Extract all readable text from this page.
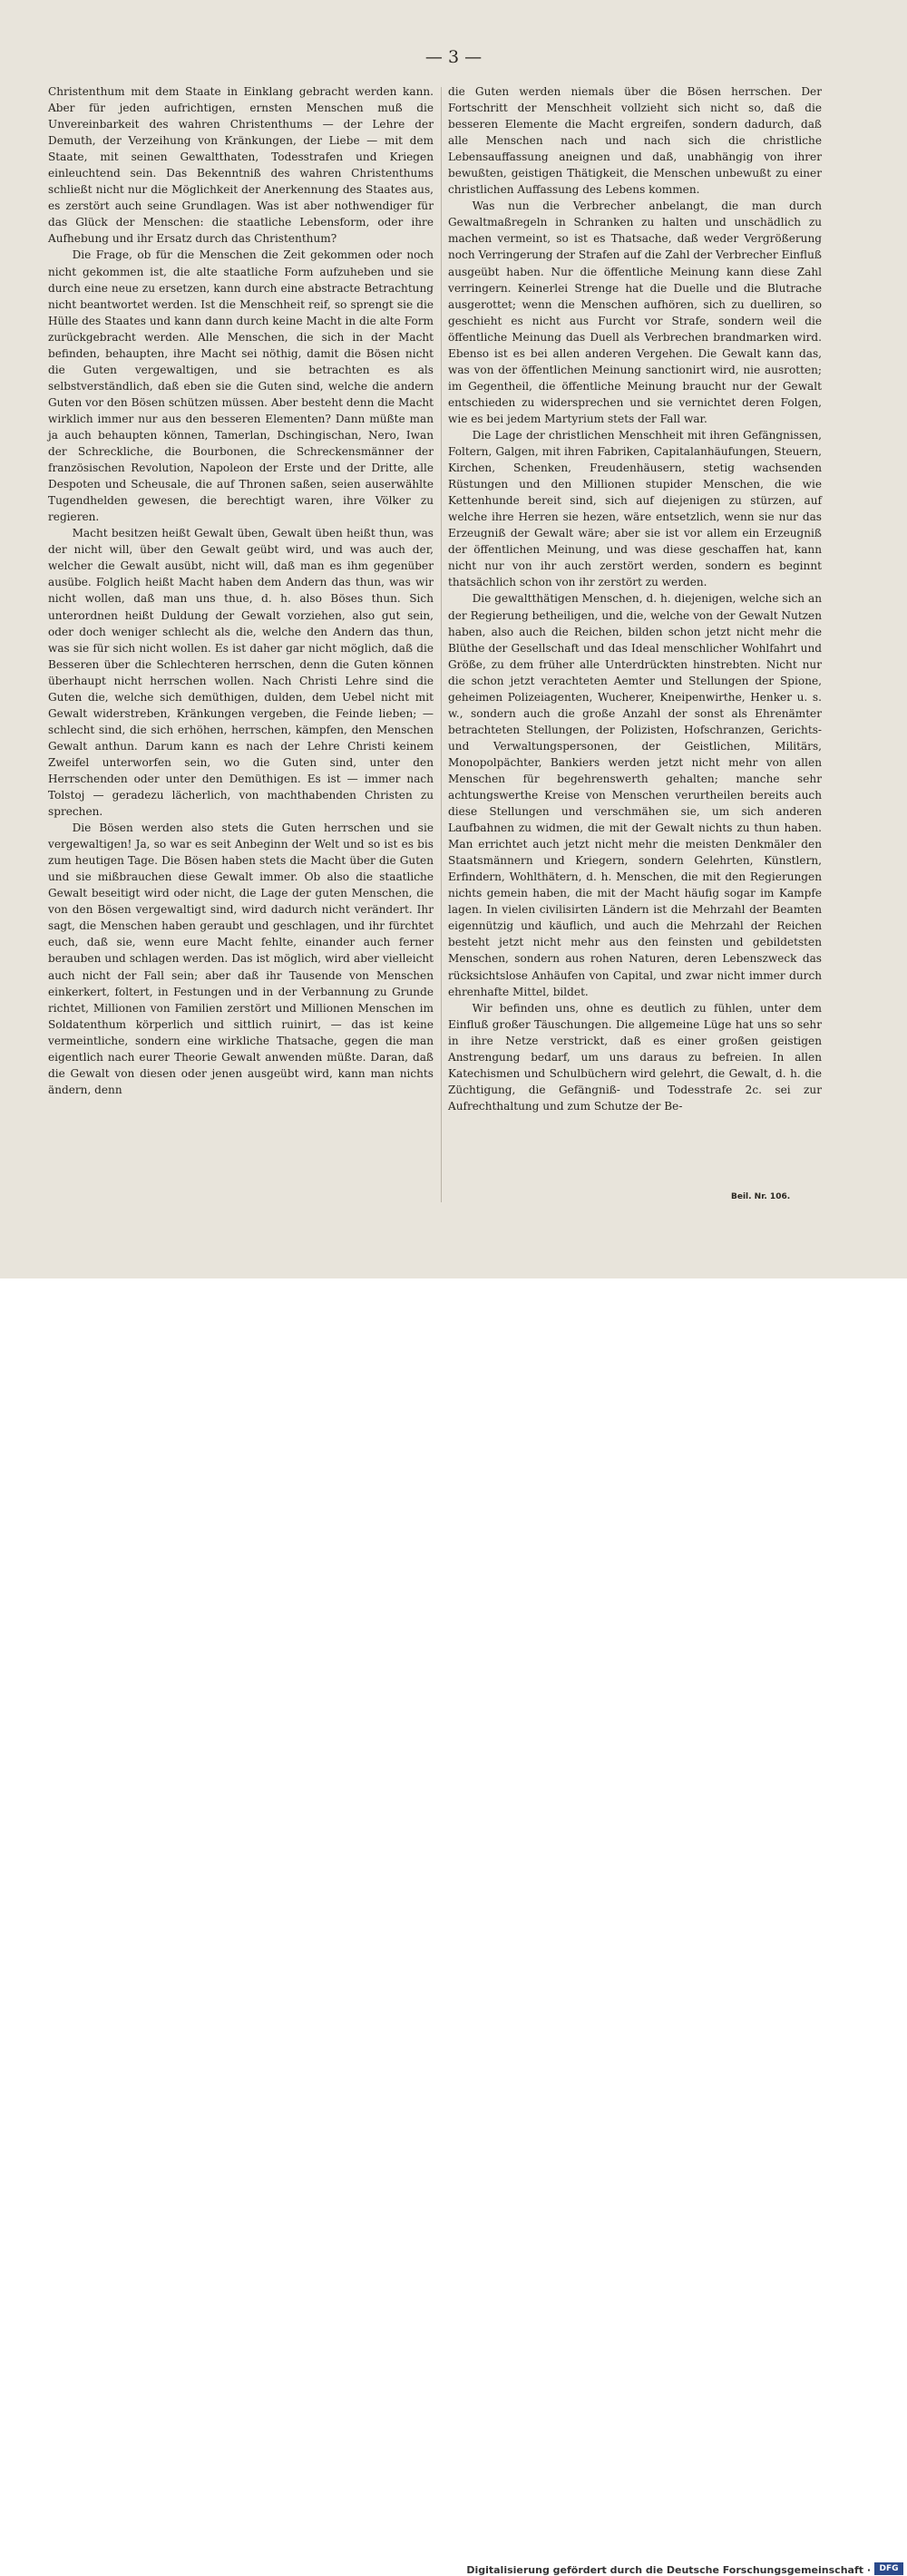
— 3 —

Christenthum mit dem Staate in Einklang gebracht werden kann. Aber für jeden aufrichtigen, ernsten Menschen muß die Unvereinbarkeit des wahren Christenthums — der Lehre der Demuth, der Verzeihung von Kränkungen, der Liebe — mit dem Staate, mit seinen Gewaltthaten, Todesstrafen und Kriegen einleuchtend sein. Das Bekenntniß des wahren Christenthums schließt nicht nur die Möglichkeit der Anerkennung des Staates aus, es zerstört auch seine Grundlagen. Was ist aber nothwendiger für das Glück der Menschen: die staatliche Lebensform, oder ihre Aufhebung und ihr Ersatz durch das Christenthum?

Die Frage, ob für die Menschen die Zeit gekommen oder noch nicht gekommen ist, die alte staatliche Form aufzuheben und sie durch eine neue zu ersetzen, kann durch eine abstracte Betrachtung nicht beantwortet werden. Ist die Menschheit reif, so sprengt sie die Hülle des Staates und kann dann durch keine Macht in die alte Form zurückgebracht werden. Alle Menschen, die sich in der Macht befinden, behaupten, ihre Macht sei nöthig, damit die Bösen nicht die Guten vergewaltigen, und sie betrachten es als selbstverständlich, daß eben sie die Guten sind, welche die andern Guten vor den Bösen schützen müssen. Aber besteht denn die Macht wirklich immer nur aus den besseren Elementen? Dann müßte man ja auch behaupten können, Tamerlan, Dschingischan, Nero, Iwan der Schreckliche, die Bourbonen, die Schreckensmänner der französischen Revolution, Napoleon der Erste und der Dritte, alle Despoten und Scheusale, die auf Thronen saßen, seien auserwählte Tugendhelden gewesen, die berechtigt waren, ihre Völker zu regieren.

Macht besitzen heißt Gewalt üben, Gewalt üben heißt thun, was der nicht will, über den Gewalt geübt wird, und was auch der, welcher die Gewalt ausübt, nicht will, daß man es ihm gegenüber ausübe. Folglich heißt Macht haben dem Andern das thun, was wir nicht wollen, daß man uns thue, d. h. also Böses thun. Sich unterordnen heißt Duldung der Gewalt vorziehen, also gut sein, oder doch weniger schlecht als die, welche den Andern das thun, was sie für sich nicht wollen. Es ist daher gar nicht möglich, daß die Besseren über die Schlechteren herrschen, denn die Guten können überhaupt nicht herrschen wollen. Nach Christi Lehre sind die Guten die, welche sich demüthigen, dulden, dem Uebel nicht mit Gewalt widerstreben, Kränkungen vergeben, die Feinde lieben; — schlecht sind, die sich erhöhen, herrschen, kämpfen, den Menschen Gewalt anthun. Darum kann es nach der Lehre Christi keinem Zweifel unterworfen sein, wo die Guten sind, unter den Herrschenden oder unter den Demüthigen. Es ist — immer nach Tolstoj — geradezu lächerlich, von machthabenden Christen zu sprechen.

Die Bösen werden also stets die Guten herrschen und sie vergewaltigen! Ja, so war es seit Anbeginn der Welt und so ist es bis zum heutigen Tage. Die Bösen haben stets die Macht über die Guten und sie mißbrauchen diese Gewalt immer. Ob also die staatliche Gewalt beseitigt wird oder nicht, die Lage der guten Menschen, die von den Bösen vergewaltigt sind, wird dadurch nicht verändert. Ihr sagt, die Menschen haben geraubt und geschlagen, und ihr fürchtet euch, daß sie, wenn eure Macht fehlte, einander auch ferner berauben und schlagen werden. Das ist möglich, wird aber vielleicht auch nicht der Fall sein; aber daß ihr Tausende von Menschen einkerkert, foltert, in Festungen und in der Verbannung zu Grunde richtet, Millionen von Familien zerstört und Millionen Menschen im Soldatenthum körperlich und sittlich ruinirt, — das ist keine vermeintliche, sondern eine wirkliche Thatsache, gegen die man eigentlich nach eurer Theorie Gewalt anwenden müßte. Daran, daß die Gewalt von diesen oder jenen ausgeübt wird, kann man nichts ändern, denn

die Guten werden niemals über die Bösen herrschen. Der Fortschritt der Menschheit vollzieht sich nicht so, daß die besseren Elemente die Macht ergreifen, sondern dadurch, daß alle Menschen nach und nach sich die christliche Lebensauffassung aneignen und daß, unabhängig von ihrer bewußten, geistigen Thätigkeit, die Menschen unbewußt zu einer christlichen Auffassung des Lebens kommen.

Was nun die Verbrecher anbelangt, die man durch Gewaltmaßregeln in Schranken zu halten und unschädlich zu machen vermeint, so ist es Thatsache, daß weder Vergrößerung noch Verringerung der Strafen auf die Zahl der Verbrecher Einfluß ausgeübt haben. Nur die öffentliche Meinung kann diese Zahl verringern. Keinerlei Strenge hat die Duelle und die Blutrache ausgerottet; wenn die Menschen aufhören, sich zu duelliren, so geschieht es nicht aus Furcht vor Strafe, sondern weil die öffentliche Meinung das Duell als Verbrechen brandmarken wird. Ebenso ist es bei allen anderen Vergehen. Die Gewalt kann das, was von der öffentlichen Meinung sanctionirt wird, nie ausrotten; im Gegentheil, die öffentliche Meinung braucht nur der Gewalt entschieden zu widersprechen und sie vernichtet deren Folgen, wie es bei jedem Martyrium stets der Fall war.

Die Lage der christlichen Menschheit mit ihren Gefängnissen, Foltern, Galgen, mit ihren Fabriken, Capitalanhäufungen, Steuern, Kirchen, Schenken, Freudenhäusern, stetig wachsenden Rüstungen und den Millionen stupider Menschen, die wie Kettenhunde bereit sind, sich auf diejenigen zu stürzen, auf welche ihre Herren sie hezen, wäre entsetzlich, wenn sie nur das Erzeugniß der Gewalt wäre; aber sie ist vor allem ein Erzeugniß der öffentlichen Meinung, und was diese geschaffen hat, kann nicht nur von ihr auch zerstört werden, sondern es beginnt thatsächlich schon von ihr zerstört zu werden.

Die gewaltthätigen Menschen, d. h. diejenigen, welche sich an der Regierung betheiligen, und die, welche von der Gewalt Nutzen haben, also auch die Reichen, bilden schon jetzt nicht mehr die Blüthe der Gesellschaft und das Ideal menschlicher Wohlfahrt und Größe, zu dem früher alle Unterdrückten hinstrebten. Nicht nur die schon jetzt verachteten Aemter und Stellungen der Spione, geheimen Polizeiagenten, Wucherer, Kneipenwirthe, Henker u. s. w., sondern auch die große Anzahl der sonst als Ehrenämter betrachteten Stellungen, der Polizisten, Hofschranzen, Gerichts- und Verwaltungspersonen, der Geistlichen, Militärs, Monopolpächter, Bankiers werden jetzt nicht mehr von allen Menschen für begehrenswerth gehalten; manche sehr achtungswerthe Kreise von Menschen verurtheilen bereits auch diese Stellungen und verschmähen sie, um sich anderen Laufbahnen zu widmen, die mit der Gewalt nichts zu thun haben. Man errichtet auch jetzt nicht mehr die meisten Denkmäler den Staatsmännern und Kriegern, sondern Gelehrten, Künstlern, Erfindern, Wohlthätern, d. h. Menschen, die mit den Regierungen nichts gemein haben, die mit der Macht häufig sogar im Kampfe lagen. In vielen civilisirten Ländern ist die Mehrzahl der Beamten eigennützig und käuflich, und auch die Mehrzahl der Reichen besteht jetzt nicht mehr aus den feinsten und gebildetsten Menschen, sondern aus rohen Naturen, deren Lebenszweck das rücksichtslose Anhäufen von Capital, und zwar nicht immer durch ehrenhafte Mittel, bildet.

Wir befinden uns, ohne es deutlich zu fühlen, unter dem Einfluß großer Täuschungen. Die allgemeine Lüge hat uns so sehr in ihre Netze verstrickt, daß es einer großen geistigen Anstrengung bedarf, um uns daraus zu befreien. In allen Katechismen und Schulbüchern wird gelehrt, die Gewalt, d. h. die Züchtigung, die Gefängniß- und Todesstrafe 2c. sei zur Aufrechthaltung und zum Schutze der Be-

Beil. Nr. 106.
Digitalisierung gefördert durch die Deutsche Forschungsgemeinschaft ·	DFG
